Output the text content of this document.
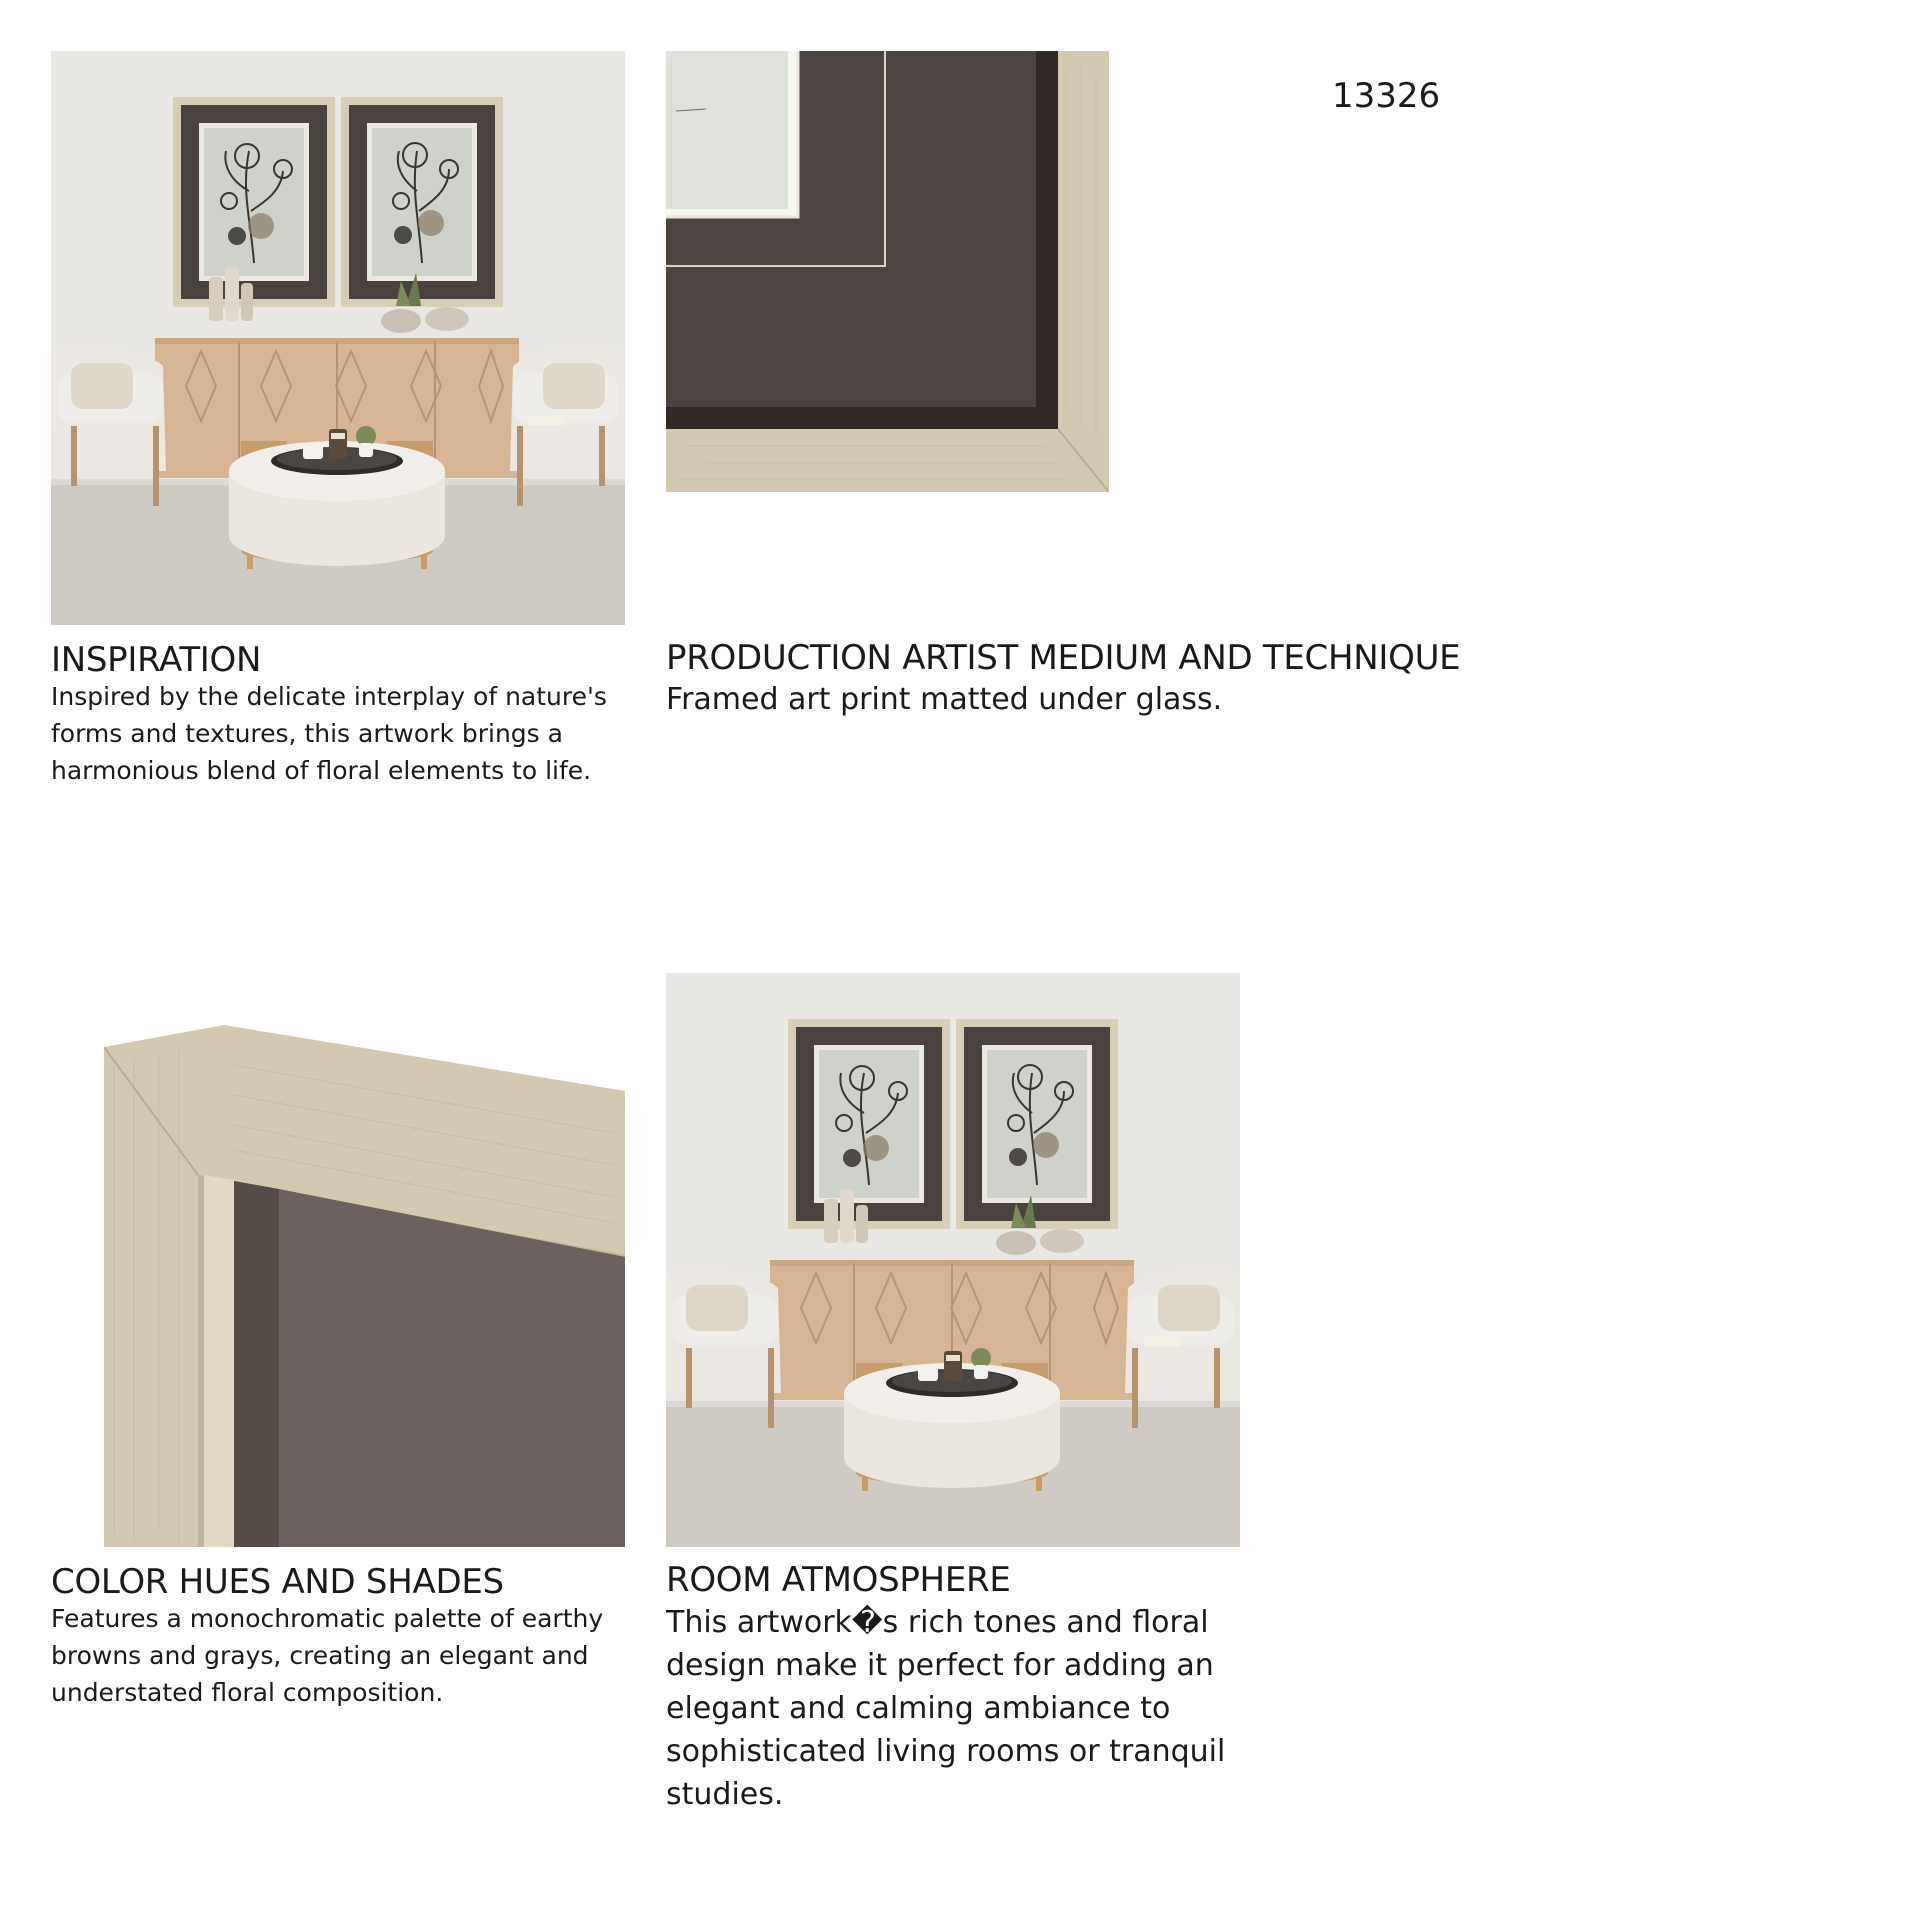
13326
INSPIRATION
Inspired by the delicate interplay of nature's forms and textures, this artwork brings a harmonious blend of floral elements to life.
PRODUCTION ARTIST MEDIUM AND TECHNIQUE
Framed art print matted under glass.
COLOR HUES AND SHADES
Features a monochromatic palette of earthy browns and grays, creating an elegant and understated floral composition.
ROOM ATMOSPHERE
This artwork�s rich tones and floral design make it perfect for adding an elegant and calming ambiance to sophisticated living rooms or tranquil studies.
